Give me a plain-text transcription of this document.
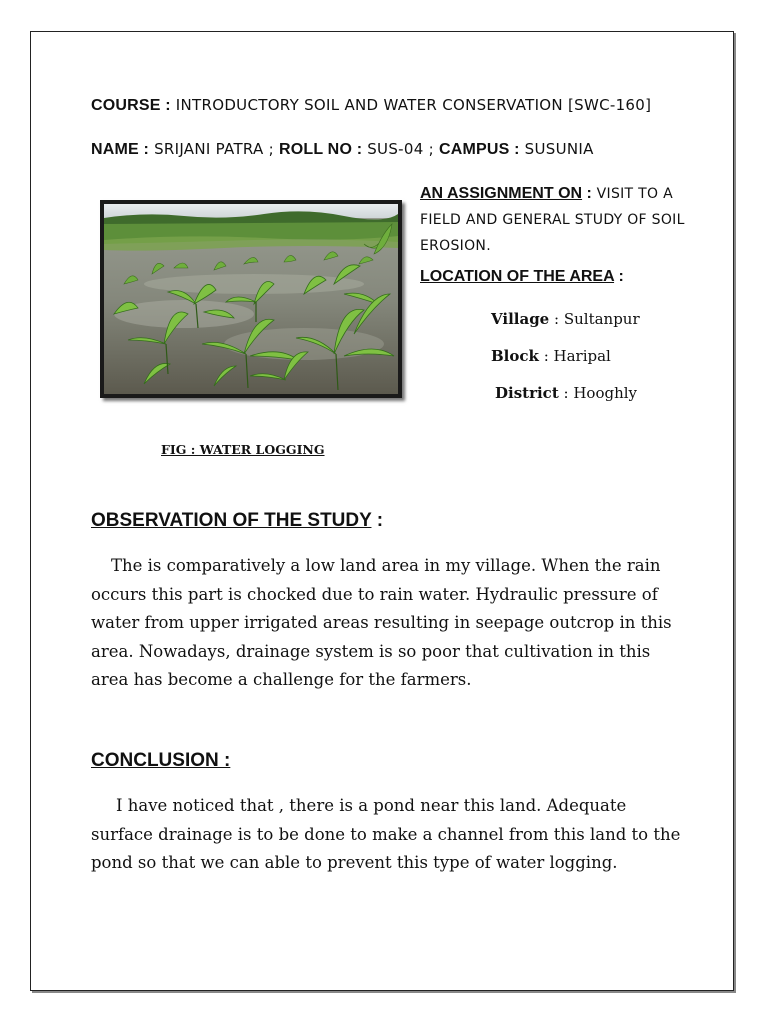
COURSE : INTRODUCTORY SOIL AND WATER CONSERVATION [SWC-160]
NAME : SRIJANI PATRA ; ROLL NO : SUS-04 ; CAMPUS : SUSUNIA
FIG : WATER LOGGING
AN ASSIGNMENT ON : VISIT TO A FIELD AND GENERAL STUDY OF SOIL EROSION.
LOCATION OF THE AREA :
Village : Sultanpur
Block : Haripal
District : Hooghly
OBSERVATION OF THE STUDY :
The is comparatively a low land area in my village. When the rain occurs this part is chocked due to rain water. Hydraulic pressure of water from upper irrigated areas resulting in seepage outcrop in this area. Nowadays, drainage system is so poor that cultivation in this area has become a challenge for the farmers.
CONCLUSION :
I have noticed that , there is a pond near this land. Adequate surface drainage is to be done to make a channel from this land to the pond so that we can able to prevent this type of water logging.
